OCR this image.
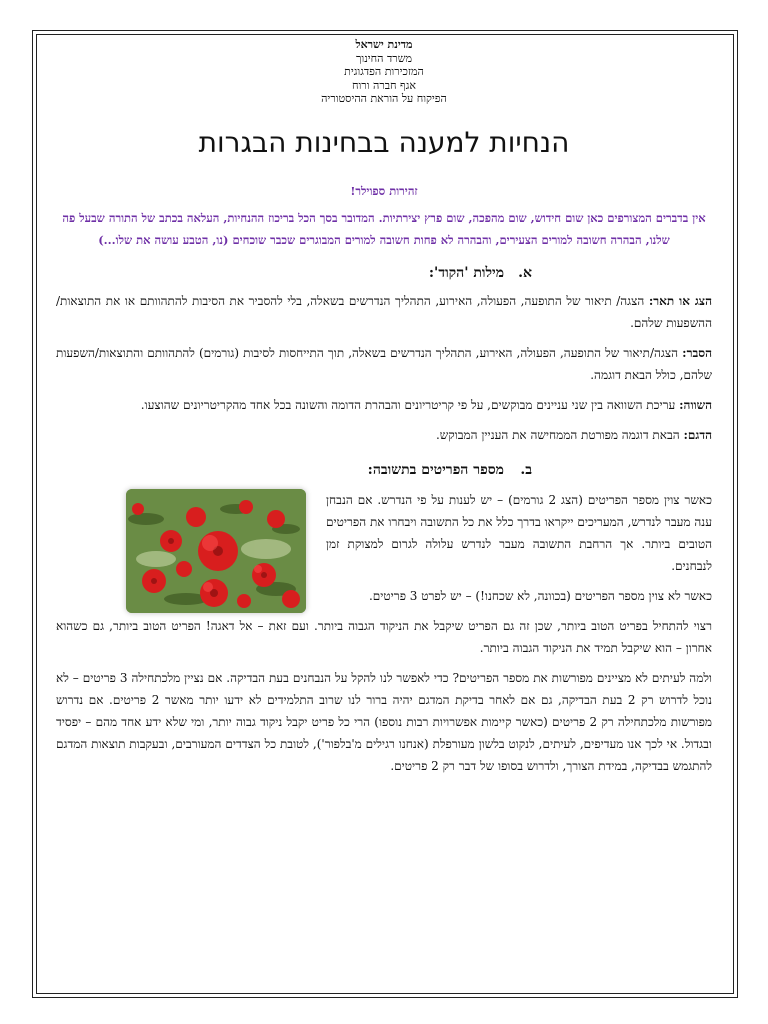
מדינת ישראל
משרד החינוך
המזכירות הפדגוגית
אגף חברה ורוח
הפיקוח על הוראת ההיסטוריה
הנחיות למענה בבחינות הבגרות
זהירות ספוילר!
אין בדברים המצורפים כאן שום חידוש, שום מהפכה, שום פרץ יצירתיות. המדובר בסך הכל בריכוז ההנחיות, העלאה בכתב של התורה שבעל פה שלנו, הבהרה חשובה למורים הצעירים, והבהרה לא פחות חשובה למורים המבוגרים שכבר שוכחים (נו, הטבע עושה את שלו...)
א.מילות 'הקוד':

הצג או תאר: הצגה/ תיאור של התופעה, הפעולה, האירוע, התהליך הנדרשים בשאלה, בלי להסביר את הסיבות להתהוותם או את התוצאות/ ההשפעות שלהם.

הסבר: הצגה/תיאור של התופעה, הפעולה, האירוע, התהליך הנדרשים בשאלה, תוך התייחסות לסיבות (גורמים) להתהוותם והתוצאות/השפעות שלהם, כולל הבאת דוגמה.

השווה: עריכת השוואה בין שני עניינים מבוקשים, על פי קריטריונים והבהרת הדומה והשונה בכל אחד מהקריטריונים שהוצעו.

הדגם: הבאת דוגמה מפורטת הממחישה את העניין המבוקש.

ב.מספר הפריטים בתשובה:
כאשר צוין מספר הפריטים (הצג 2 גורמים) – יש לענות על פי הנדרש. אם הנבחן ענה מעבר לנדרש, המעריכים ייקראו בדרך כלל את כל התשובה ויבחרו את הפריטים הטובים ביותר. אך הרחבת התשובה מעבר לנדרש עלולה לגרום למצוקת זמן לנבחנים.

כאשר לא צוין מספר הפריטים (בכוונה, לא שכחנו!) – יש לפרט 3 פריטים.

רצוי להתחיל בפריט הטוב ביותר, שכן זה גם הפריט שיקבל את הניקוד הגבוה ביותר. ועם זאת – אל דאגה! הפריט הטוב ביותר, גם כשהוא אחרון – הוא שיקבל תמיד את הניקוד הגבוה ביותר.

ולמה לעיתים לא מציינים מפורשות את מספר הפריטים? כדי לאפשר לנו להקל על הנבחנים בעת הבדיקה. אם נציין מלכתחילה 3 פריטים – לא נוכל לדרוש רק 2 בעת הבדיקה, גם אם לאחר בדיקת המדגם יהיה ברור לנו שרוב התלמידים לא ידעו יותר מאשר 2 פריטים. אם נדרוש מפורשות מלכתחילה רק 2 פריטים (כאשר קיימות אפשרויות רבות נוספו) הרי כל פריט יקבל ניקוד גבוה יותר, ומי שלא ידע אחד מהם – יפסיד ובגדול. אי לכך אנו מעדיפים, לעיתים, לנקוט בלשון מעורפלת (אנחנו רגילים מ'בלפור'), לטובת כל הצדדים המעורבים, ובעקבות תוצאות המדגם להתגמש בבדיקה, במידת הצורך, ולדרוש בסופו של דבר רק 2 פריטים.
